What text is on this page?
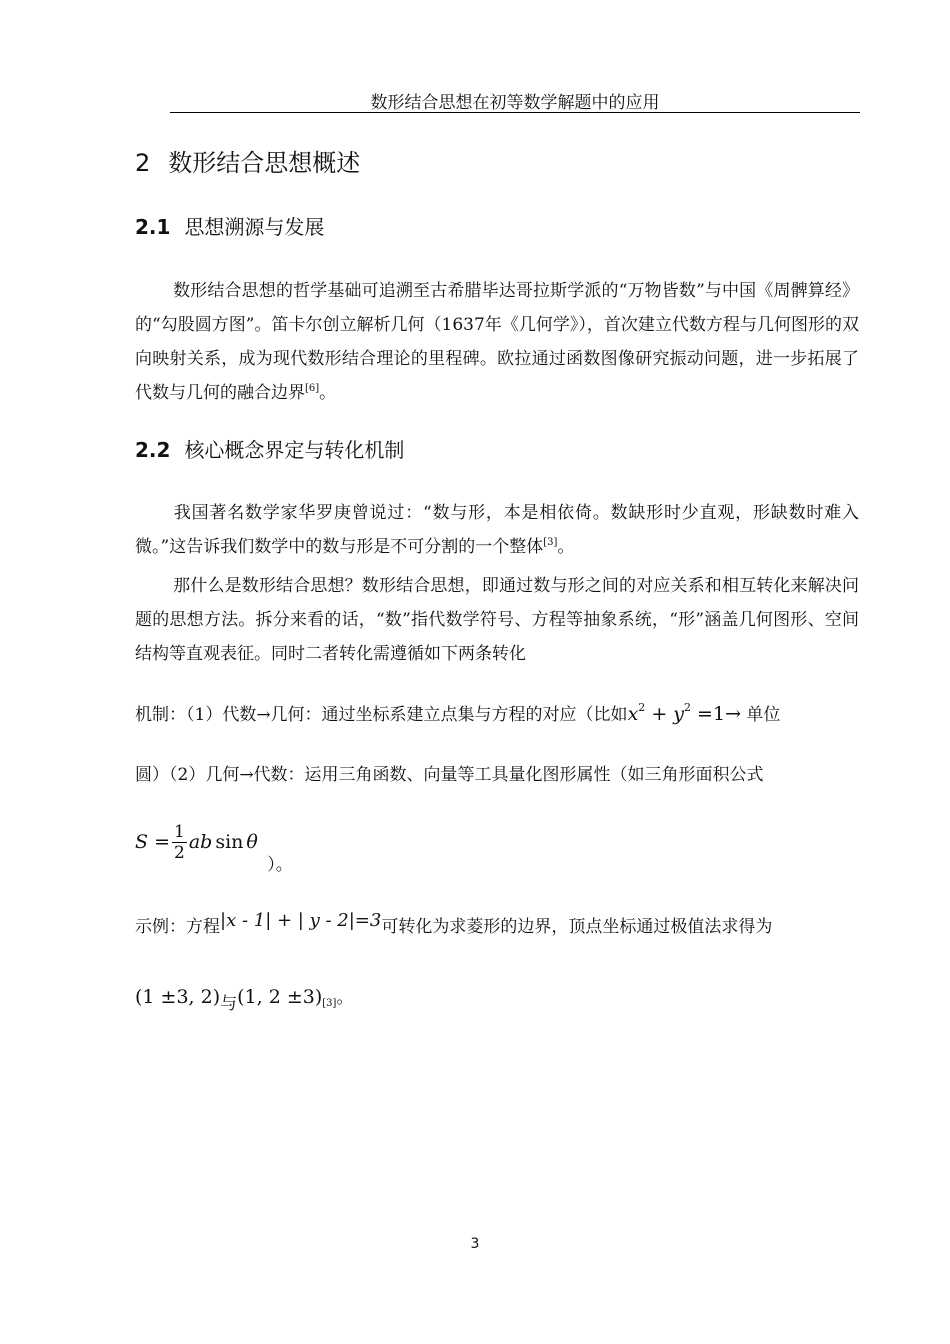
数形结合思想在初等数学解题中的应用
2 数形结合思想概述
2.1 思想溯源与发展
数形结合思想的哲学基础可追溯至古希腊毕达哥拉斯学派的“万物皆数”与中国《周髀算经》的“勾股圆方图”。笛卡尔创立解析几何（1637年《几何学》），首次建立代数方程与几何图形的双向映射关系，成为现代数形结合理论的里程碑。欧拉通过函数图像研究振动问题，进一步拓展了代数与几何的融合边界[6]。
2.2 核心概念界定与转化机制
我国著名数学家华罗庚曾说过：“数与形，本是相依倚。数缺形时少直观，形缺数时难入微。”这告诉我们数学中的数与形是不可分割的一个整体[3]。
那什么是数形结合思想？数形结合思想，即通过数与形之间的对应关系和相互转化来解决问题的思想方法。拆分来看的话，“数”指代数学符号、方程等抽象系统，“形”涵盖几何图形、空间结构等直观表征。同时二者转化需遵循如下两条转化
机制：（1）代数→几何：通过坐标系建立点集与方程的对应（比如$x^2 + y^2 =1\to$ 单位
圆）（2）几何→代数：运用三角函数、向量等工具量化图形属性（如三角形面积公式
$S = \frac{1}{2}$ ab sin θ ）。
示例：方程|x - 1| + | y - 2|=3可转化为求菱形的边界，顶点坐标通过极值法求得为
(1 ±3, 2)与(1, $2 \pm 3)_{[3]}$。
3
